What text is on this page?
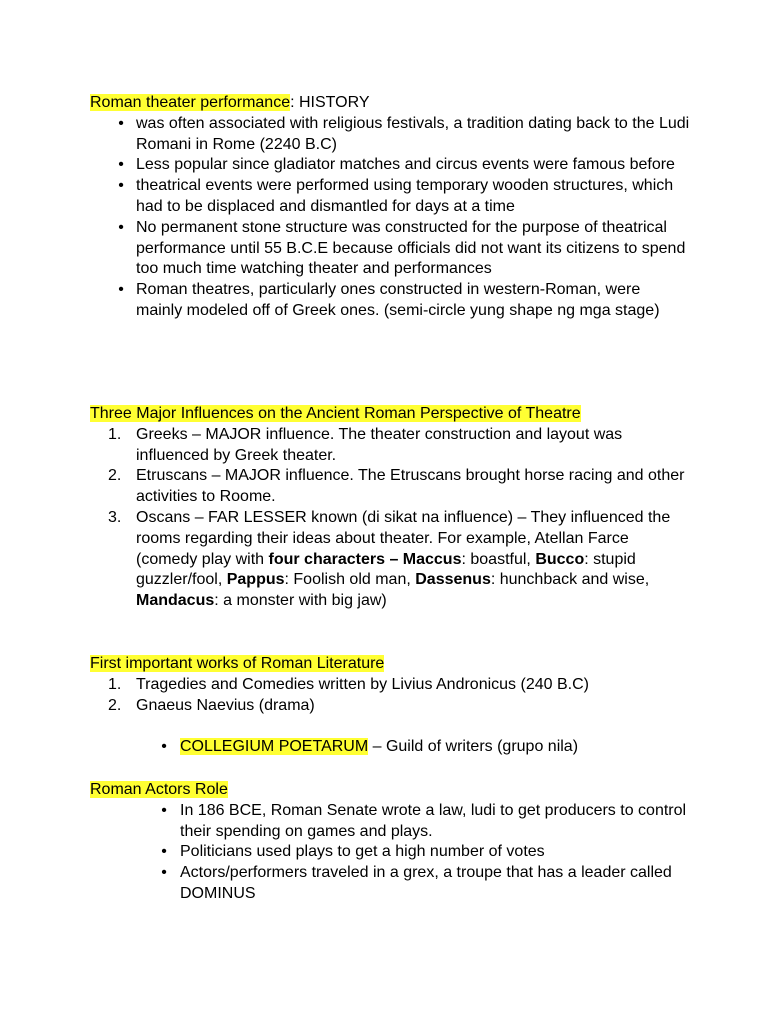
Roman theater performance: HISTORY

• was often associated with religious festivals, a tradition dating back to the Ludi Romani in Rome (2240 B.C)
• Less popular since gladiator matches and circus events were famous before
• theatrical events were performed using temporary wooden structures, which had to be displaced and dismantled for days at a time
• No permanent stone structure was constructed for the purpose of theatrical performance until 55 B.C.E because officials did not want its citizens to spend too much time watching theater and performances
• Roman theatres, particularly ones constructed in western-Roman, were mainly modeled off of Greek ones. (semi-circle yung shape ng mga stage)

Three Major Influences on the Ancient Roman Perspective of Theatre

1. Greeks – MAJOR influence. The theater construction and layout was influenced by Greek theater.
2. Etruscans – MAJOR influence. The Etruscans brought horse racing and other activities to Roome.
3. Oscans – FAR LESSER known (di sikat na influence) – They influenced the rooms regarding their ideas about theater. For example, Atellan Farce (comedy play with four characters – Maccus: boastful, Bucco: stupid guzzler/fool, Pappus: Foolish old man, Dassenus: hunchback and wise, Mandacus: a monster with big jaw)

First important works of Roman Literature

1. Tragedies and Comedies written by Livius Andronicus (240 B.C)
2. Gnaeus Naevius (drama)
• COLLEGIUM POETARUM – Guild of writers (grupo nila)

Roman Actors Role

• In 186 BCE, Roman Senate wrote a law, ludi to get producers to control their spending on games and plays.
• Politicians used plays to get a high number of votes
• Actors/performers traveled in a grex, a troupe that has a leader called DOMINUS
